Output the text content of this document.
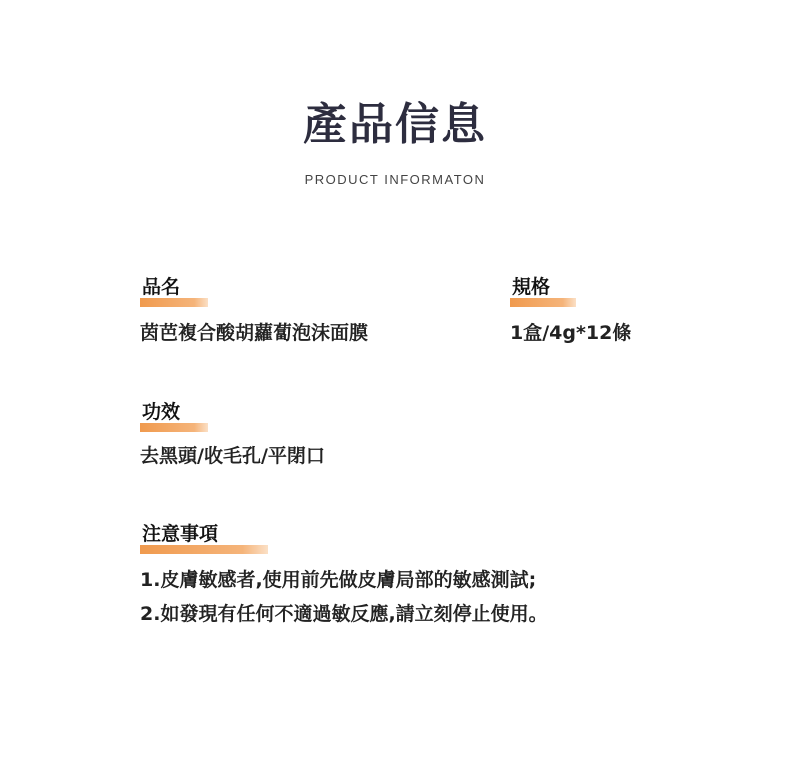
產品信息
PRODUCT INFORMATON
品名
茵芭複合酸胡蘿蔔泡沫面膜
規格
1盒/4g*12條
功效
去黑頭/收毛孔/平閉口
注意事項
1.皮膚敏感者,使用前先做皮膚局部的敏感測試;
2.如發現有任何不適過敏反應,請立刻停止使用。
